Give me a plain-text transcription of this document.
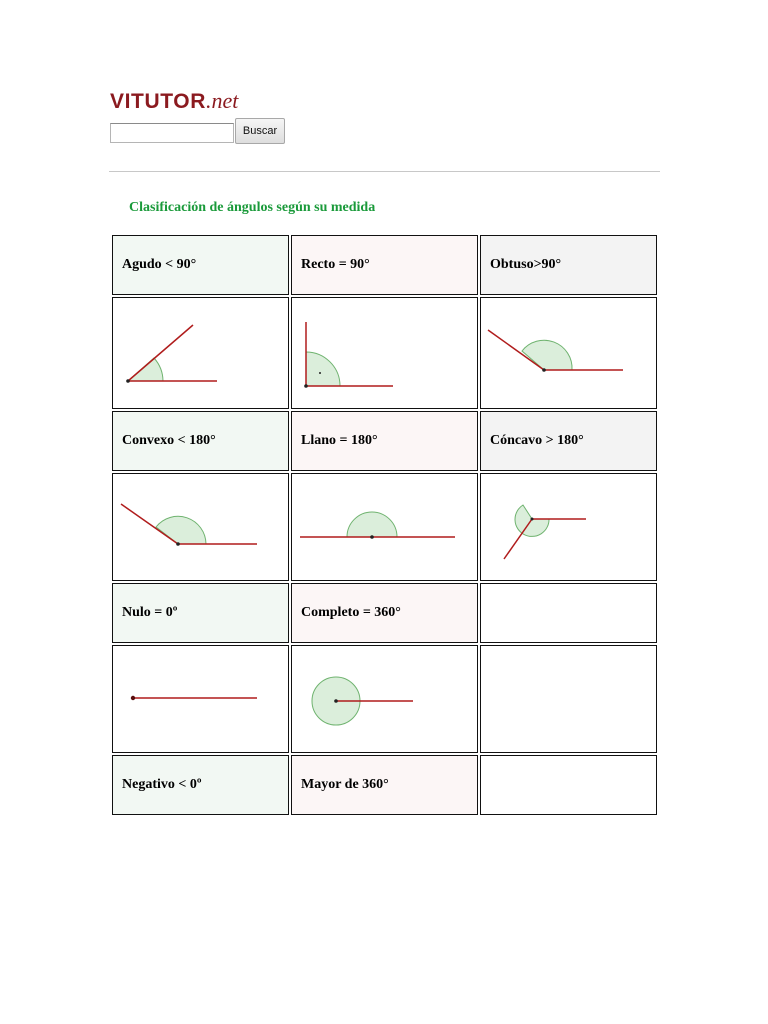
VITUTOR .net
Buscar
Clasificación de ángulos según su medida
Agudo < 90°	Recto = 90°	Obtuso>90°
Convexo < 180°	Llano = 180°	Cóncavo > 180°
Nulo = 0º	Completo = 360°
Negativo < 0º	Mayor de 360°
